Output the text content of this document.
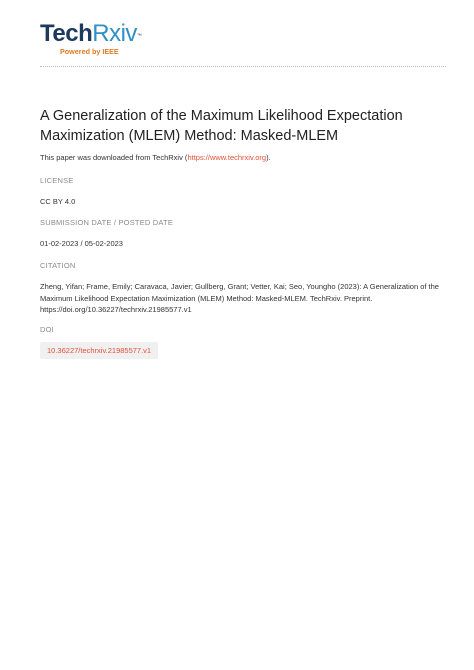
TechRxiv™
Powered by IEEE
A Generalization of the Maximum Likelihood Expectation Maximization (MLEM) Method: Masked-MLEM
This paper was downloaded from TechRxiv (https://www.techrxiv.org).
LICENSE
CC BY 4.0
SUBMISSION DATE / POSTED DATE
01-02-2023 / 05-02-2023
CITATION
Zheng, Yifan; Frame, Emily; Caravaca, Javier; Gullberg, Grant; Vetter, Kai; Seo, Youngho (2023): A Generalization of the Maximum Likelihood Expectation Maximization (MLEM) Method: Masked-MLEM. TechRxiv. Preprint. https://doi.org/10.36227/techrxiv.21985577.v1
DOI
10.36227/techrxiv.21985577.v1
